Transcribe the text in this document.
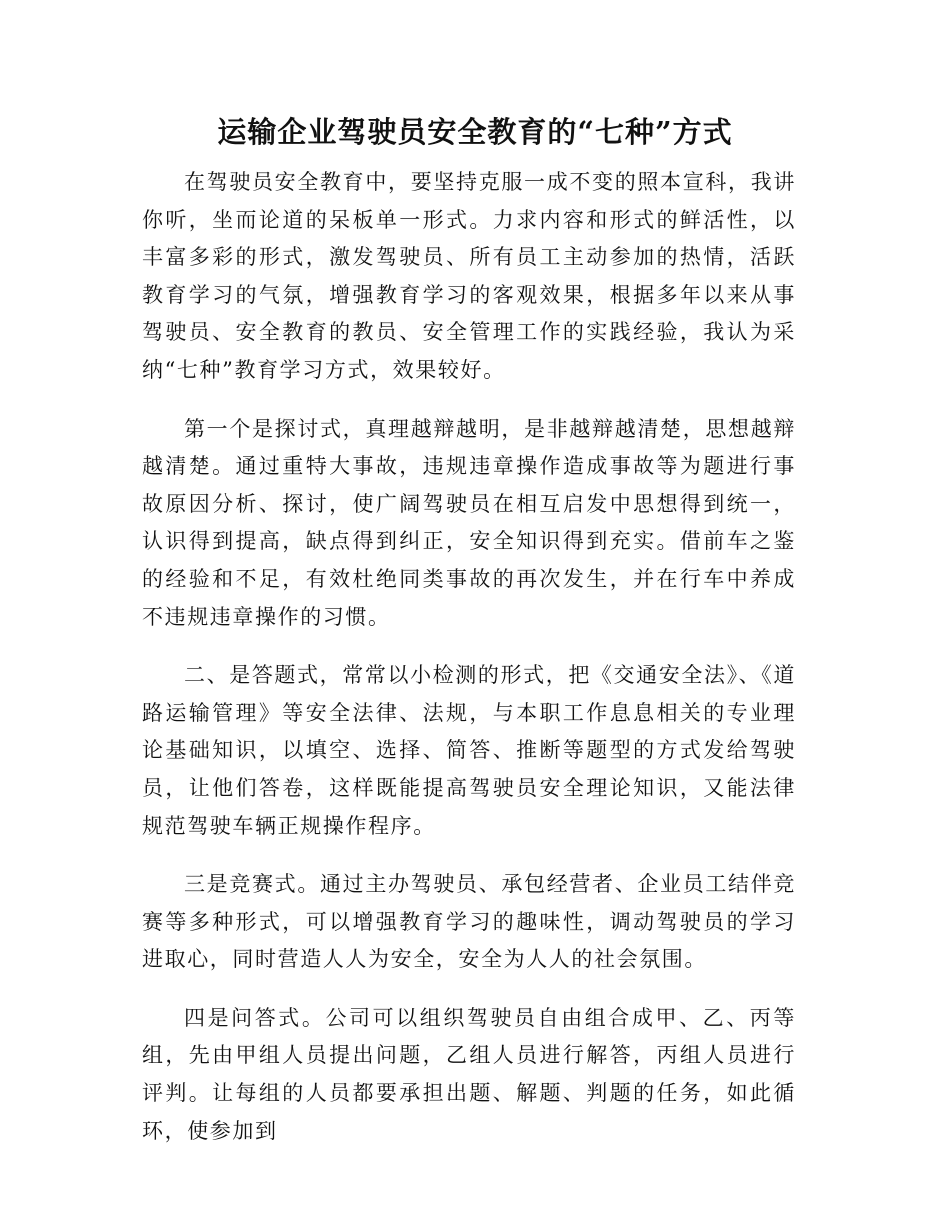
运输企业驾驶员安全教育的“七种”方式

在驾驶员安全教育中，要坚持克服一成不变的照本宣科，我讲你听，坐而论道的呆板单一形式。力求内容和形式的鲜活性，以丰富多彩的形式，激发驾驶员、所有员工主动参加的热情，活跃教育学习的气氛，增强教育学习的客观效果，根据多年以来从事驾驶员、安全教育的教员、安全管理工作的实践经验，我认为采纳“七种”教育学习方式，效果较好。

第一个是探讨式，真理越辩越明，是非越辩越清楚，思想越辩越清楚。通过重特大事故，违规违章操作造成事故等为题进行事故原因分析、探讨，使广阔驾驶员在相互启发中思想得到统一，认识得到提高，缺点得到纠正，安全知识得到充实。借前车之鉴的经验和不足，有效杜绝同类事故的再次发生，并在行车中养成不违规违章操作的习惯。

二、是答题式，常常以小检测的形式，把《交通安全法》、《道路运输管理》等安全法律、法规，与本职工作息息相关的专业理论基础知识，以填空、选择、简答、推断等题型的方式发给驾驶员，让他们答卷，这样既能提高驾驶员安全理论知识，又能法律规范驾驶车辆正规操作程序。

三是竞赛式。通过主办驾驶员、承包经营者、企业员工结伴竞赛等多种形式，可以增强教育学习的趣味性，调动驾驶员的学习进取心，同时营造人人为安全，安全为人人的社会氛围。

四是问答式。公司可以组织驾驶员自由组合成甲、乙、丙等组，先由甲组人员提出问题，乙组人员进行解答，丙组人员进行评判。让每组的人员都要承担出题、解题、判题的任务，如此循环，使参加到
